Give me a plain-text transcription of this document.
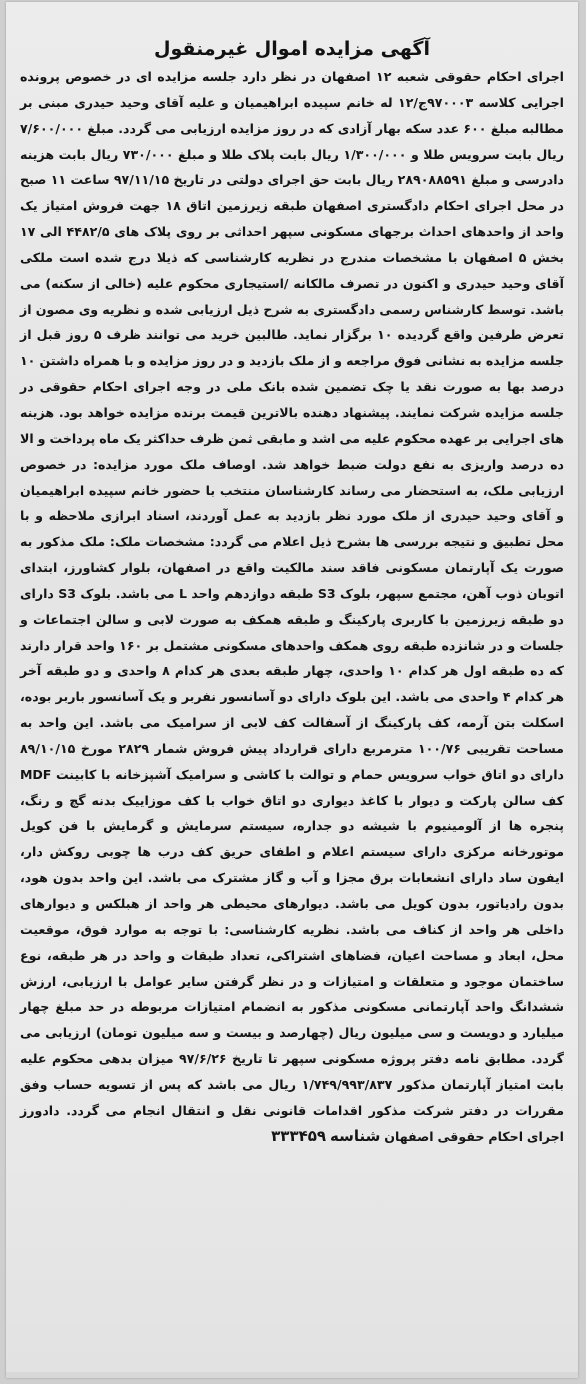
آگهی مزایده اموال غیرمنقول
اجرای احکام حقوقی شعبه ۱۲ اصفهان در نظر دارد جلسه مزایده ای در خصوص پرونده اجرایی کلاسه ۹۷۰۰۰۳ج/۱۲ له خانم سپیده ابراهیمیان و علیه آقای وحید حیدری مبنی بر مطالبه مبلغ ۶۰۰ عدد سکه بهار آزادی که در روز مزایده ارزیابی می گردد. مبلغ ۷/۶۰۰/۰۰۰ ریال بابت سرویس طلا و ۱/۳۰۰/۰۰۰ ریال بابت پلاک طلا و مبلغ ۷۳۰/۰۰۰ ریال بابت هزینه دادرسی و مبلغ ۲۸۹۰۸۸۵۹۱ ریال بابت حق اجرای دولتی در تاریخ ۹۷/۱۱/۱۵ ساعت ۱۱ صبح در محل اجرای احکام دادگستری اصفهان طبقه زیرزمین اتاق ۱۸ جهت فروش امتیاز یک واحد از واحدهای احداث برجهای مسکونی سپهر احداثی بر روی پلاک های ۴۴۸۲/۵ الی ۱۷ بخش ۵ اصفهان با مشخصات مندرج در نظریه کارشناسی که ذیلا درج شده است ملکی آقای وحید حیدری و اکنون در تصرف مالکانه /استیجاری محکوم علیه (خالی از سکنه) می باشد. توسط کارشناس رسمی دادگستری به شرح ذیل ارزیابی شده و نظریه وی مصون از تعرض طرفین واقع گردیده ۱۰ برگزار نماید. طالبین خرید می توانند ظرف ۵ روز قبل از جلسه مزایده به نشانی فوق مراجعه و از ملک بازدید و در روز مزایده و با همراه داشتن ۱۰ درصد بها به صورت نقد یا چک تضمین شده بانک ملی در وجه اجرای احکام حقوقی در جلسه مزایده شرکت نمایند. پیشنهاد دهنده بالاترین قیمت برنده مزایده خواهد بود. هزینه های اجرایی بر عهده محکوم علیه می اشد و مابقی ثمن ظرف حداکثر یک ماه پرداخت و الا ده درصد واریزی به نفع دولت ضبط خواهد شد. اوصاف ملک مورد مزایده: در خصوص ارزیابی ملک، به استحضار می رساند کارشناسان منتخب با حضور خانم سپیده ابراهیمیان و آقای وحید حیدری از ملک مورد نظر بازدید به عمل آوردند، اسناد ابرازی ملاحظه و با محل تطبیق و نتیجه بررسی ها بشرح ذیل اعلام می گردد: مشخصات ملک: ملک مذکور به صورت یک آپارتمان مسکونی فاقد سند مالکیت واقع در اصفهان، بلوار کشاورز، ابتدای اتوبان ذوب آهن، مجتمع سپهر، بلوک S3 طبقه دوازدهم واحد L می باشد. بلوک S3 دارای دو طبقه زیرزمین با کاربری پارکینگ و طبقه همکف به صورت لابی و سالن اجتماعات و جلسات و در شانزده طبقه روی همکف واحدهای مسکونی مشتمل بر ۱۶۰ واحد قرار دارند که ده طبقه اول هر کدام ۱۰ واحدی، چهار طبقه بعدی هر کدام ۸ واحدی و دو طبقه آخر هر کدام ۴ واحدی می باشد. این بلوک دارای دو آسانسور نفربر و یک آسانسور باربر بوده، اسکلت بتن آرمه، کف پارکینگ از آسفالت کف لابی از سرامیک می باشد. این واحد به مساحت تقریبی ۱۰۰/۷۶ مترمربع دارای قرارداد پیش فروش شمار ۲۸۲۹ مورخ ۸۹/۱۰/۱۵ دارای دو اتاق خواب سرویس حمام و توالت با کاشی و سرامیک آشپزخانه با کابینت MDF کف سالن پارکت و دیوار با کاغذ دیواری دو اتاق خواب با کف موزاییک بدنه گچ و رنگ، پنجره ها از آلومینیوم با شیشه دو جداره، سیستم سرمایش و گرمایش با فن کویل موتورخانه مرکزی دارای سیستم اعلام و اطفای حریق کف درب ها چوبی روکش دار، ایفون ساد دارای انشعابات برق مجزا و آب و گاز مشترک می باشد. این واحد بدون هود، بدون رادیاتور، بدون کویل می باشد. دیوارهای محیطی هر واحد از هبلکس و دیوارهای داخلی هر واحد از کناف می باشد. نظریه کارشناسی: با توجه به موارد فوق، موقعیت محل، ابعاد و مساحت اعیان، فضاهای اشتراکی، تعداد طبقات و واحد در هر طبقه، نوع ساختمان موجود و متعلقات و امتیازات و در نظر گرفتن سایر عوامل با ارزیابی، ارزش ششدانگ واحد آپارتمانی مسکونی مذکور به انضمام امتیازات مربوطه در حد مبلغ چهار میلیارد و دویست و سی میلیون ریال (چهارصد و بیست و سه میلیون تومان) ارزیابی می گردد. مطابق نامه دفتر پروژه مسکونی سپهر تا تاریخ ۹۷/۶/۲۶ میزان بدهی محکوم علیه بابت امتیاز آپارتمان مذکور ۱/۷۴۹/۹۹۳/۸۳۷ ریال می باشد که پس از تسویه حساب وفق مقررات در دفتر شرکت مذکور اقدامات قانونی نقل و انتقال انجام می گردد. دادورز اجرای احکام حقوقی اصفهان شناسه ۳۳۳۴۵۹
